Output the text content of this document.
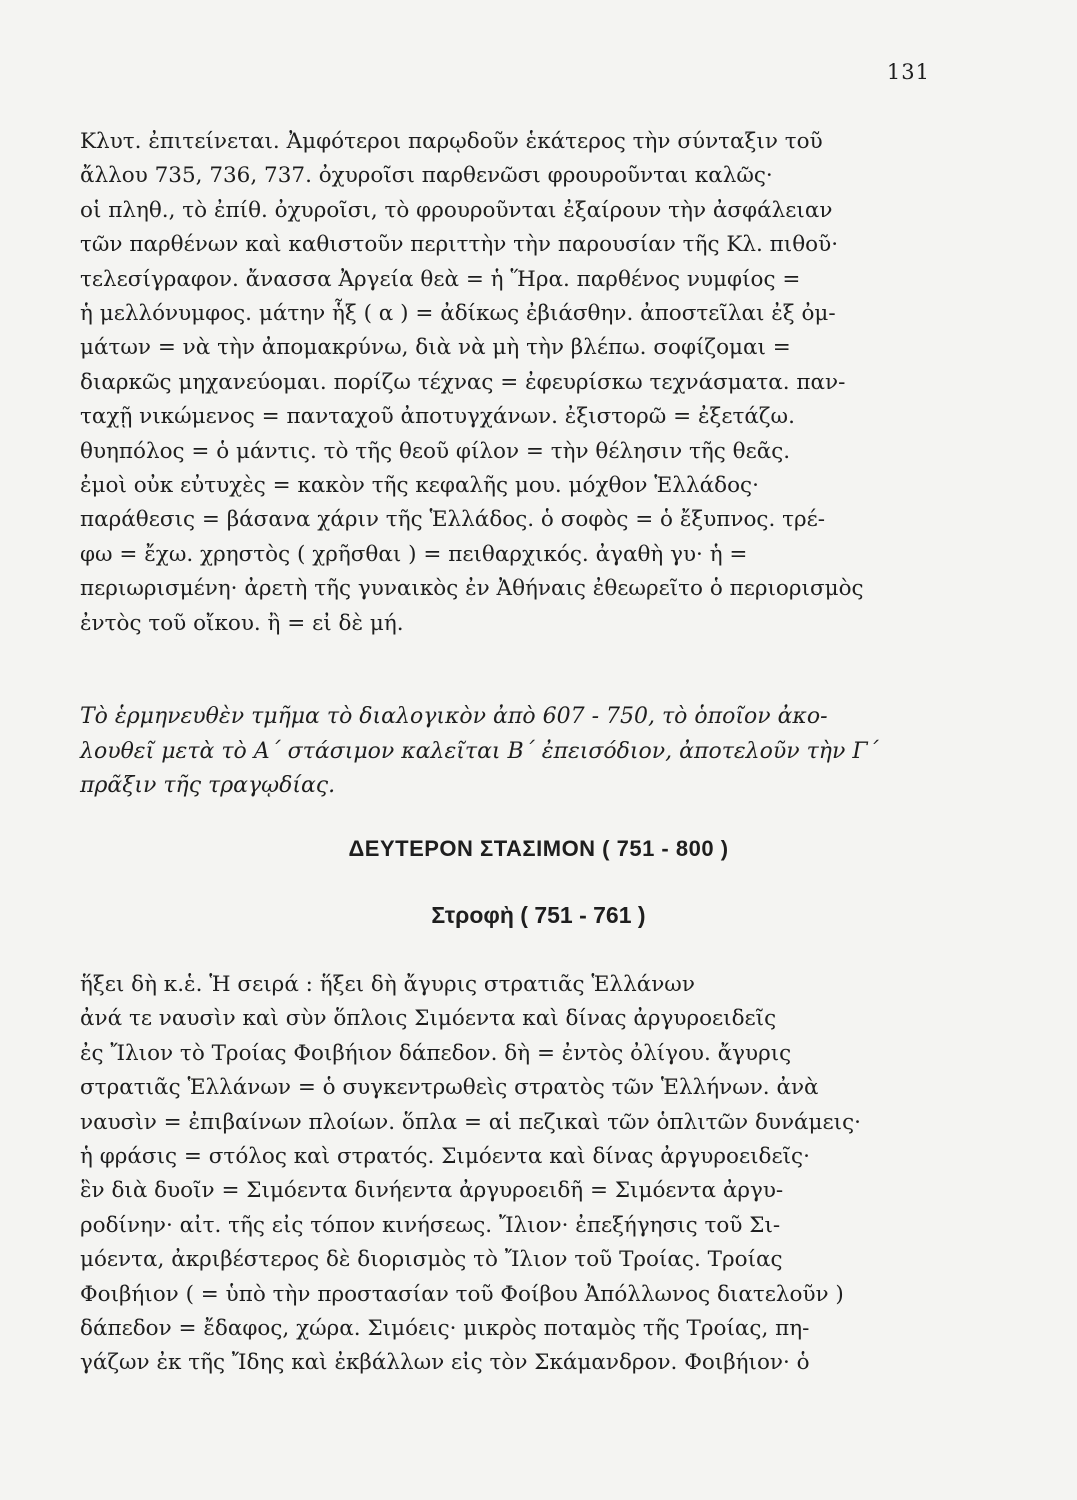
131
Κλυτ. ἐπιτείνεται. Ἀμφότεροι παρῳδοῦν ἑκάτερος τὴν σύνταξιν τοῦ
ἄλλου 735, 736, 737. ὀχυροῖσι παρθενῶσι φρουροῦνται καλῶς·
οἱ πληθ., τὸ ἐπίθ. ὀχυροῖσι, τὸ φρουροῦνται ἐξαίρουν τὴν ἀσφάλειαν
τῶν παρθένων καὶ καθιστοῦν περιττὴν τὴν παρουσίαν τῆς Κλ. πιθοῦ·
τελεσίγραφον. ἄνασσα Ἀργεία θεὰ = ἡ Ἥρα. παρθένος νυμφίος =
ἡ μελλόνυμφος. μάτην ἧξ ( α ) = ἀδίκως ἐβιάσθην. ἀποστεῖλαι ἐξ ὀμ-
μάτων = νὰ τὴν ἀπομακρύνω, διὰ νὰ μὴ τὴν βλέπω. σοφίζομαι =
διαρκῶς μηχανεύομαι. πορίζω τέχνας = ἐφευρίσκω τεχνάσματα. παν-
ταχῇ νικώμενος = πανταχοῦ ἀποτυγχάνων. ἐξιστορῶ = ἐξετάζω.
θυηπόλος = ὁ μάντις. τὸ τῆς θεοῦ φίλον = τὴν θέλησιν τῆς θεᾶς.
ἐμοὶ οὐκ εὐτυχὲς = κακὸν τῆς κεφαλῆς μου. μόχθον Ἑλλάδος·
παράθεσις = βάσανα χάριν τῆς Ἑλλάδος. ὁ σοφὸς = ὁ ἔξυπνος. τρέ-
φω = ἔχω. χρηστὸς ( χρῆσθαι ) = πειθαρχικός. ἀγαθὴ γυ· ἡ =
περιωρισμένη· ἀρετὴ τῆς γυναικὸς ἐν Ἀθήναις ἐθεωρεῖτο ὁ περιορισμὸς
ἐντὸς τοῦ οἴκου. ἢ = εἰ δὲ μή.
Τὸ ἑρμηνευθὲν τμῆμα τὸ διαλογικὸν ἀπὸ 607 - 750, τὸ ὁποῖον ἀκο-
λουθεῖ μετὰ τὸ Α΄ στάσιμον καλεῖται Β΄ ἐπεισόδιον, ἀποτελοῦν τὴν Γ΄
πρᾶξιν τῆς τραγῳδίας.
ΔΕΥΤΕΡΟΝ ΣΤΑΣΙΜΟΝ ( 751 - 800 )
Στροφὴ ( 751 - 761 )
ἥξει δὴ κ.ἑ. Ἡ σειρά : ἥξει δὴ ἄγυρις στρατιᾶς Ἑλλάνων
ἀνά τε ναυσὶν καὶ σὺν ὅπλοις Σιμόεντα καὶ δίνας ἀργυροειδεῖς
ἐς Ἴλιον τὸ Τροίας Φοιβήιον δάπεδον. δὴ = ἐντὸς ὀλίγου. ἄγυρις
στρατιᾶς Ἑλλάνων = ὁ συγκεντρωθεὶς στρατὸς τῶν Ἑλλήνων. ἀνὰ
ναυσὶν = ἐπιβαίνων πλοίων. ὅπλα = αἱ πεζικαὶ τῶν ὁπλιτῶν δυνάμεις·
ἡ φράσις = στόλος καὶ στρατός. Σιμόεντα καὶ δίνας ἀργυροειδεῖς·
ἓν διὰ δυοῖν = Σιμόεντα δινήεντα ἀργυροειδῆ = Σιμόεντα ἀργυ-
ροδίνην· αἰτ. τῆς εἰς τόπον κινήσεως. Ἴλιον· ἐπεξήγησις τοῦ Σι-
μόεντα, ἀκριβέστερος δὲ διορισμὸς τὸ Ἴλιον τοῦ Τροίας. Τροίας
Φοιβήιον ( = ὑπὸ τὴν προστασίαν τοῦ Φοίβου Ἀπόλλωνος διατελοῦν )
δάπεδον = ἔδαφος, χώρα. Σιμόεις· μικρὸς ποταμὸς τῆς Τροίας, πη-
γάζων ἐκ τῆς Ἴδης καὶ ἐκβάλλων εἰς τὸν Σκάμανδρον. Φοιβήιον· ὁ
